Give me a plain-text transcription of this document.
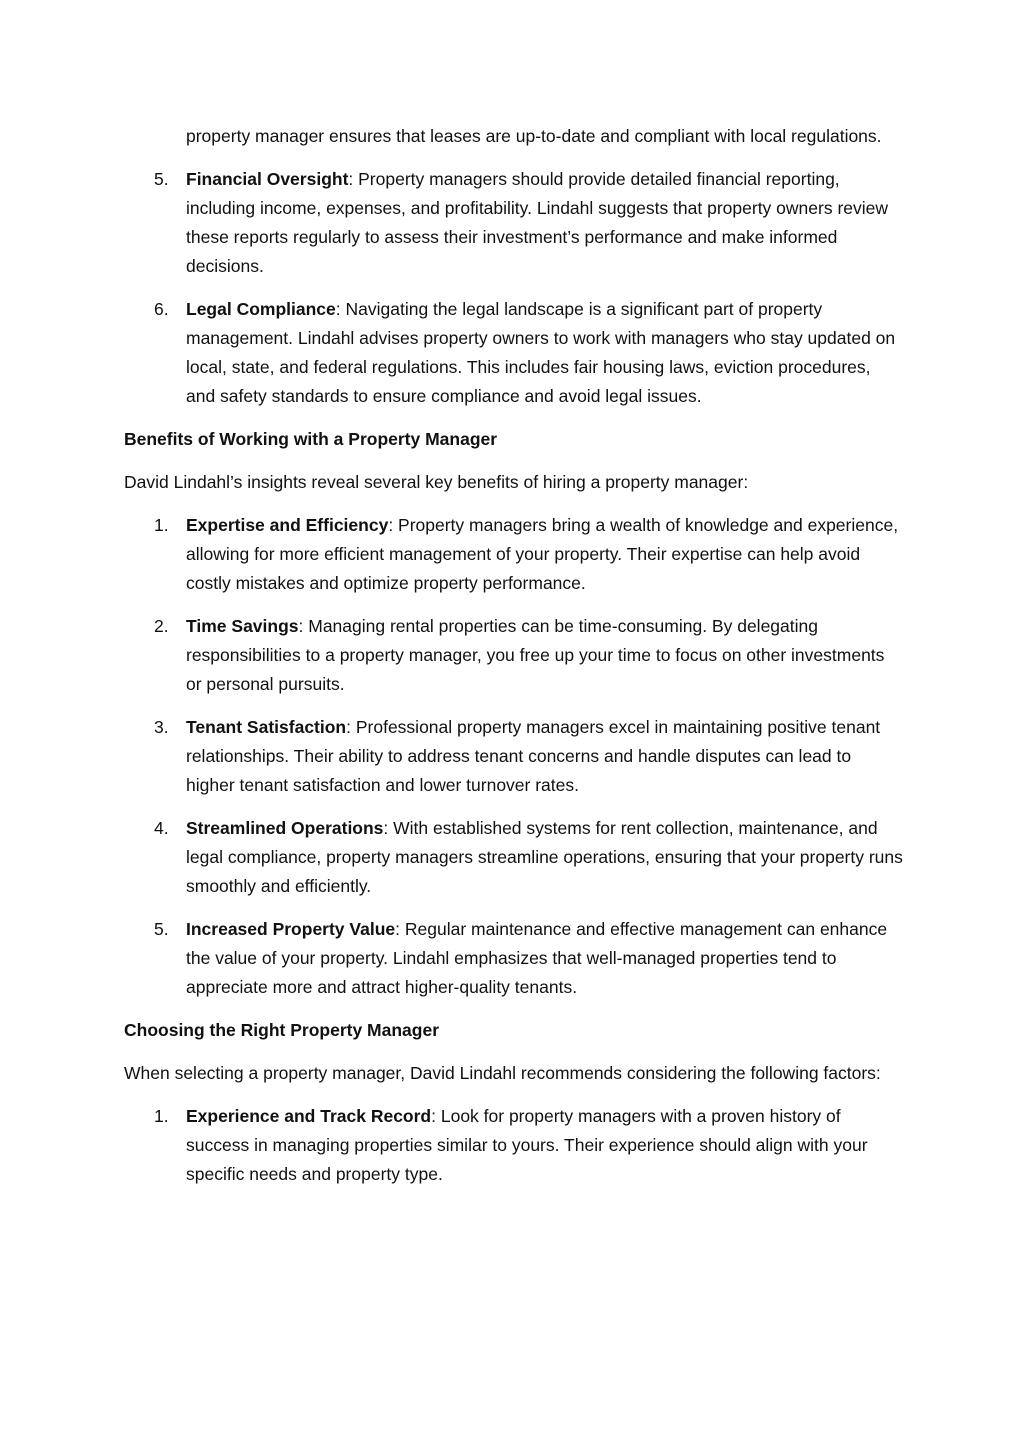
property manager ensures that leases are up-to-date and compliant with local regulations.
5. Financial Oversight: Property managers should provide detailed financial reporting, including income, expenses, and profitability. Lindahl suggests that property owners review these reports regularly to assess their investment’s performance and make informed decisions.
6. Legal Compliance: Navigating the legal landscape is a significant part of property management. Lindahl advises property owners to work with managers who stay updated on local, state, and federal regulations. This includes fair housing laws, eviction procedures, and safety standards to ensure compliance and avoid legal issues.
Benefits of Working with a Property Manager

David Lindahl’s insights reveal several key benefits of hiring a property manager:

1. Expertise and Efficiency: Property managers bring a wealth of knowledge and experience, allowing for more efficient management of your property. Their expertise can help avoid costly mistakes and optimize property performance.
2. Time Savings: Managing rental properties can be time-consuming. By delegating responsibilities to a property manager, you free up your time to focus on other investments or personal pursuits.
3. Tenant Satisfaction: Professional property managers excel in maintaining positive tenant relationships. Their ability to address tenant concerns and handle disputes can lead to higher tenant satisfaction and lower turnover rates.
4. Streamlined Operations: With established systems for rent collection, maintenance, and legal compliance, property managers streamline operations, ensuring that your property runs smoothly and efficiently.
5. Increased Property Value: Regular maintenance and effective management can enhance the value of your property. Lindahl emphasizes that well-managed properties tend to appreciate more and attract higher-quality tenants.
Choosing the Right Property Manager

When selecting a property manager, David Lindahl recommends considering the following factors:

1. Experience and Track Record: Look for property managers with a proven history of success in managing properties similar to yours. Their experience should align with your specific needs and property type.
